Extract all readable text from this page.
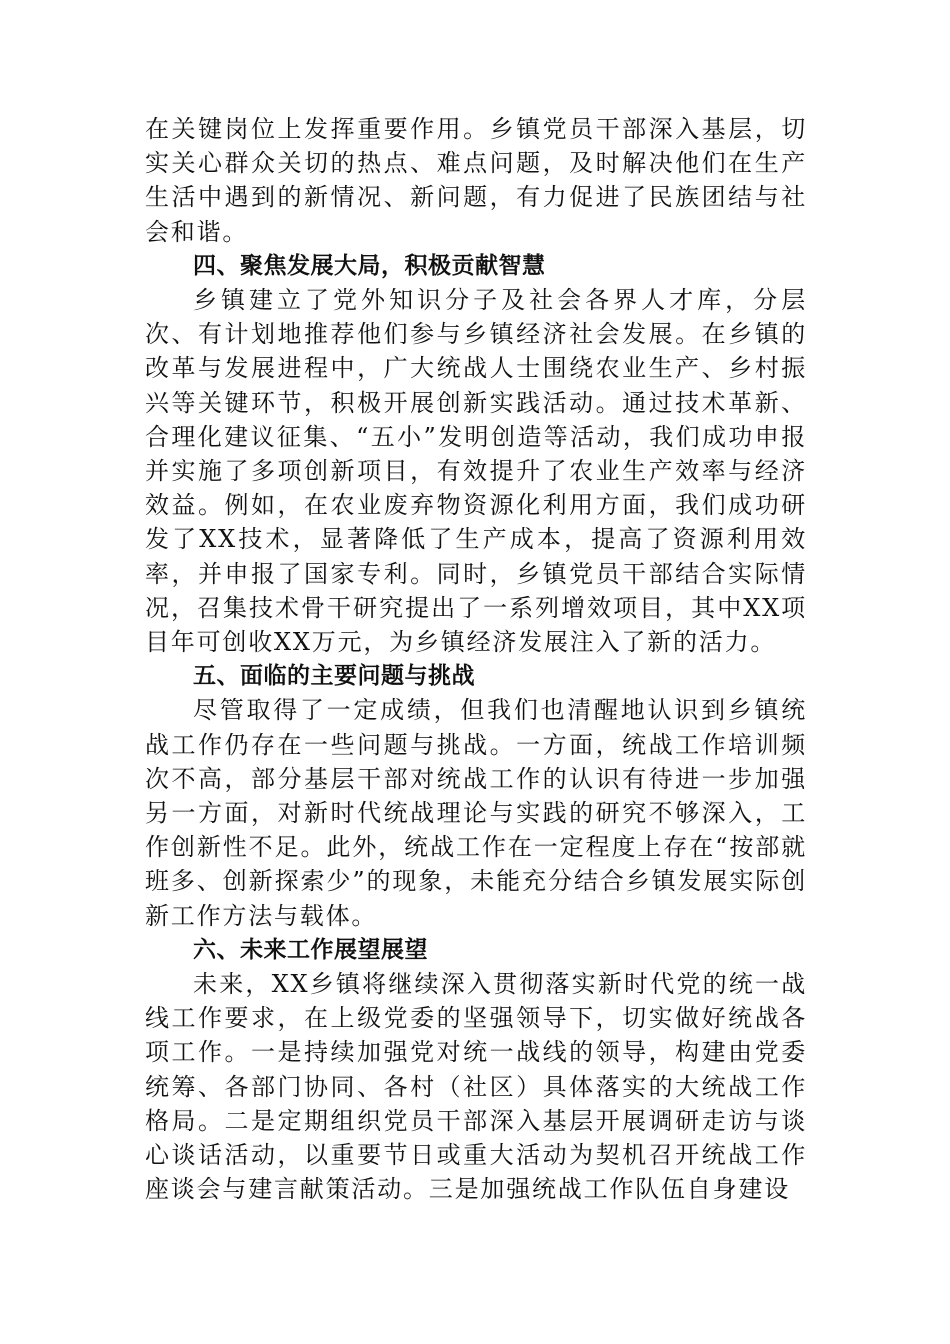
在关键岗位上发挥重要作用。乡镇党员干部深入基层，切实关心群众关切的热点、难点问题，及时解决他们在生产生活中遇到的新情况、新问题，有力促进了民族团结与社会和谐。

四、聚焦发展大局，积极贡献智慧

乡镇建立了党外知识分子及社会各界人才库，分层次、有计划地推荐他们参与乡镇经济社会发展。在乡镇的改革与发展进程中，广大统战人士围绕农业生产、乡村振兴等关键环节，积极开展创新实践活动。通过技术革新、合理化建议征集、“五小”发明创造等活动，我们成功申报并实施了多项创新项目，有效提升了农业生产效率与经济效益。例如，在农业废弃物资源化利用方面，我们成功研发了XX技术，显著降低了生产成本，提高了资源利用效率，并申报了国家专利。同时，乡镇党员干部结合实际情况，召集技术骨干研究提出了一系列增效项目，其中XX项目年可创收XX万元，为乡镇经济发展注入了新的活力。

五、面临的主要问题与挑战

尽管取得了一定成绩，但我们也清醒地认识到乡镇统战工作仍存在一些问题与挑战。一方面，统战工作培训频次不高，部分基层干部对统战工作的认识有待进一步加强另一方面，对新时代统战理论与实践的研究不够深入，工作创新性不足。此外，统战工作在一定程度上存在“按部就班多、创新探索少”的现象，未能充分结合乡镇发展实际创新工作方法与载体。

六、未来工作展望展望

未来，XX乡镇将继续深入贯彻落实新时代党的统一战线工作要求，在上级党委的坚强领导下，切实做好统战各项工作。一是持续加强党对统一战线的领导，构建由党委统筹、各部门协同、各村（社区）具体落实的大统战工作格局。二是定期组织党员干部深入基层开展调研走访与谈心谈话活动，以重要节日或重大活动为契机召开统战工作座谈会与建言献策活动。三是加强统战工作队伍自身建设
